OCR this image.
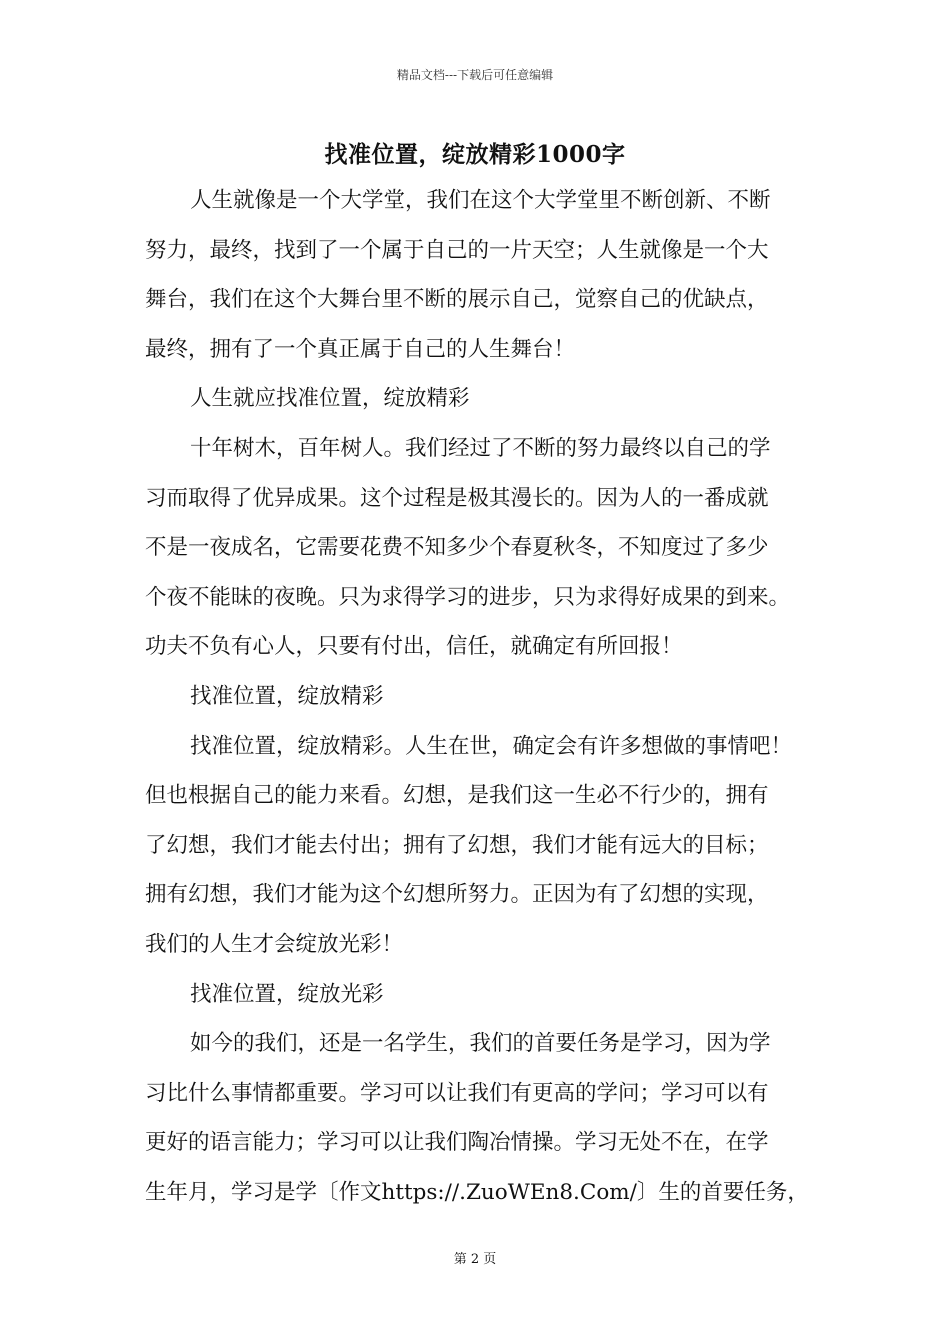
精品文档---下载后可任意编辑
找准位置，绽放精彩1000字
人生就像是一个大学堂，我们在这个大学堂里不断创新、不断
努力，最终，找到了一个属于自己的一片天空；人生就像是一个大
舞台，我们在这个大舞台里不断的展示自己，觉察自己的优缺点，
最终，拥有了一个真正属于自己的人生舞台！
人生就应找准位置，绽放精彩
十年树木，百年树人。我们经过了不断的努力最终以自己的学
习而取得了优异成果。这个过程是极其漫长的。因为人的一番成就
不是一夜成名，它需要花费不知多少个春夏秋冬，不知度过了多少
个夜不能昧的夜晚。只为求得学习的进步，只为求得好成果的到来。
功夫不负有心人，只要有付出，信任，就确定有所回报！
找准位置，绽放精彩
找准位置，绽放精彩。人生在世，确定会有许多想做的事情吧！
但也根据自己的能力来看。幻想，是我们这一生必不行少的，拥有
了幻想，我们才能去付出；拥有了幻想，我们才能有远大的目标；
拥有幻想，我们才能为这个幻想所努力。正因为有了幻想的实现，
我们的人生才会绽放光彩！
找准位置，绽放光彩
如今的我们，还是一名学生，我们的首要任务是学习，因为学
习比什么事情都重要。学习可以让我们有更高的学问；学习可以有
更好的语言能力；学习可以让我们陶冶情操。学习无处不在，在学
生年月，学习是学〔作文https://.ZuoWEn8.Com/〕生的首要任务，
第 2 页
